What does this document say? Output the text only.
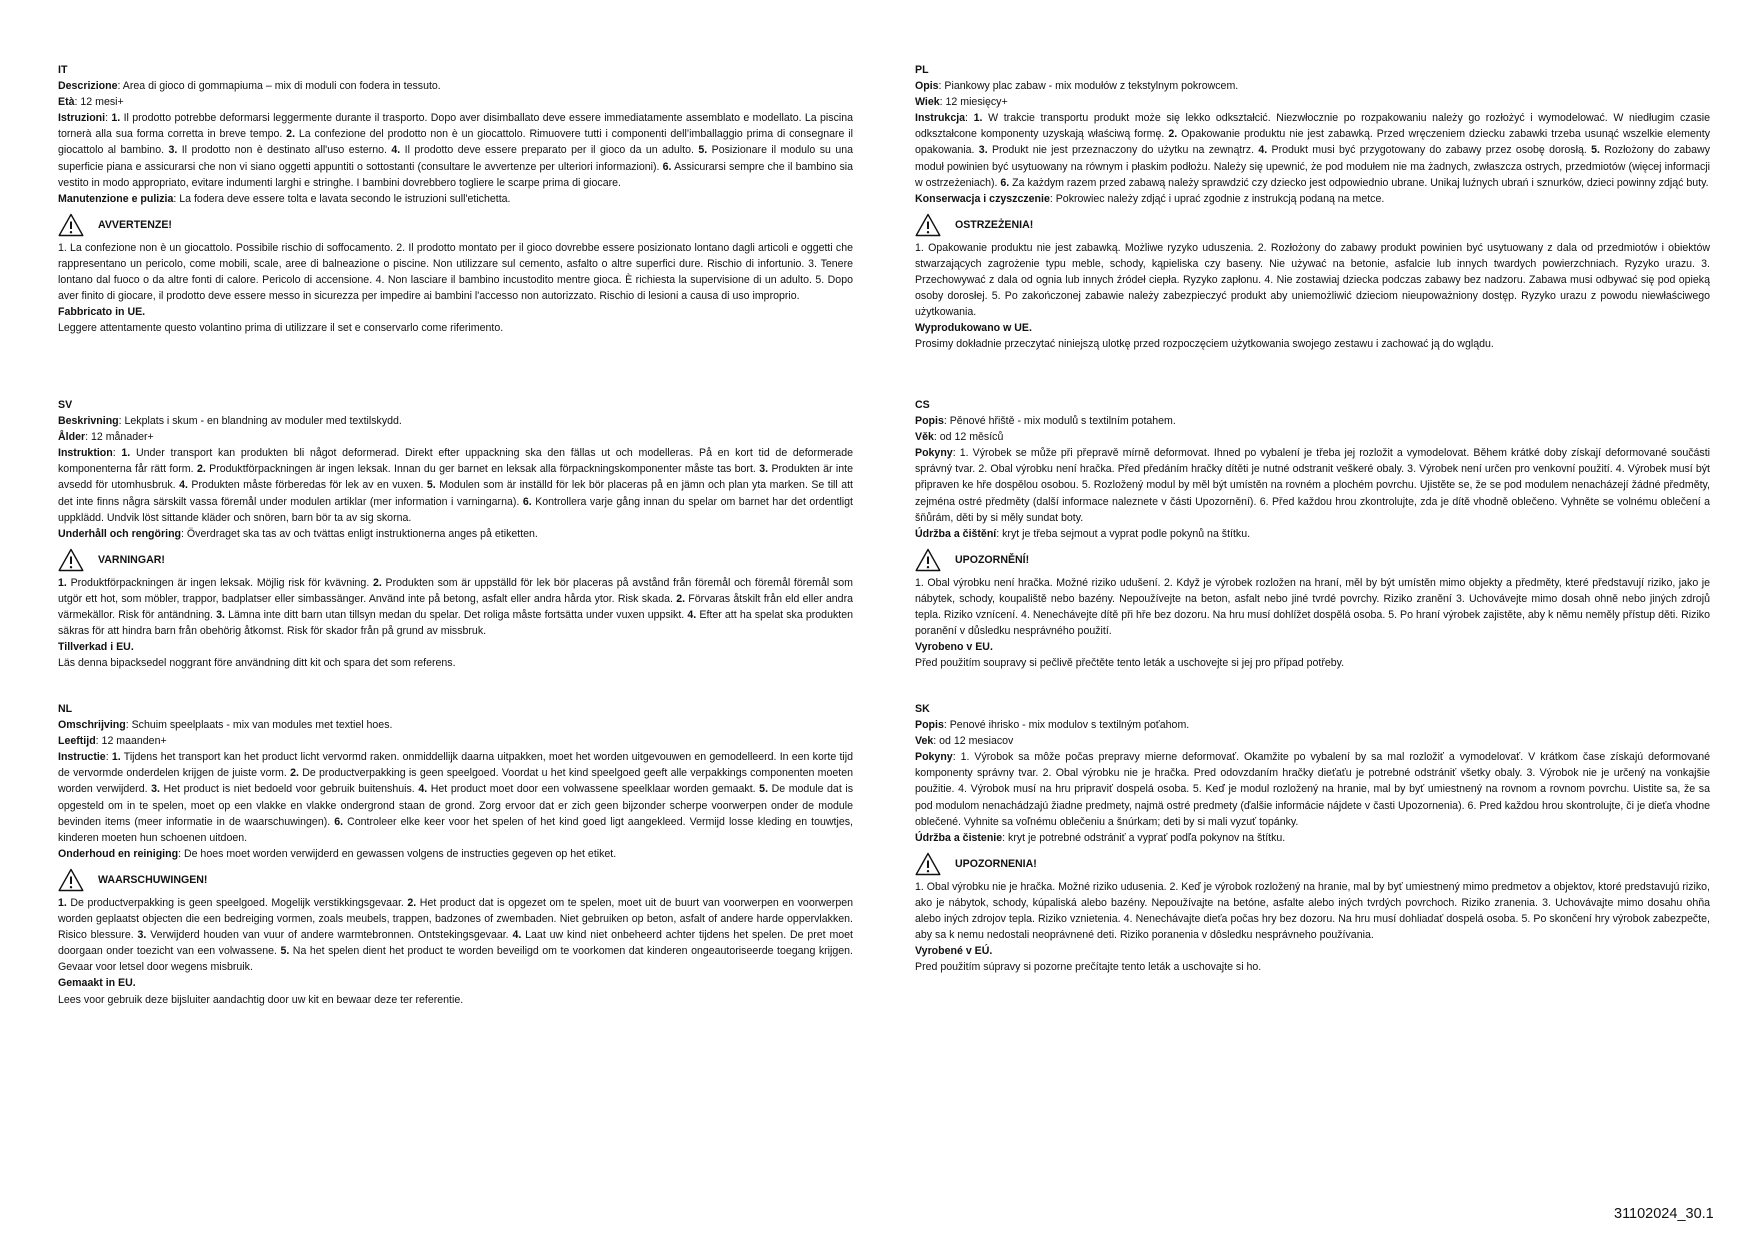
IT

Descrizione: Area di gioco di gommapiuma – mix di moduli con fodera in tessuto.

Età: 12 mesi+

Istruzioni: 1. Il prodotto potrebbe deformarsi leggermente durante il trasporto. Dopo aver disimballato deve essere immediatamente assemblato e modellato. La piscina tornerà alla sua forma corretta in breve tempo. 2. La confezione del prodotto non è un giocattolo. Rimuovere tutti i componenti dell’imballaggio prima di consegnare il giocattolo al bambino. 3. Il prodotto non è destinato all'uso esterno. 4. Il prodotto deve essere preparato per il gioco da un adulto. 5. Posizionare il modulo su una superficie piana e assicurarsi che non vi siano oggetti appuntiti o sottostanti (consultare le avvertenze per ulteriori informazioni). 6. Assicurarsi sempre che il bambino sia vestito in modo appropriato, evitare indumenti larghi e stringhe. I bambini dovrebbero togliere le scarpe prima di giocare.

Manutenzione e pulizia: La fodera deve essere tolta e lavata secondo le istruzioni sull'etichetta.

AVVERTENZE!

1. La confezione non è un giocattolo. Possibile rischio di soffocamento. 2. Il prodotto montato per il gioco dovrebbe essere posizionato lontano dagli articoli e oggetti che rappresentano un pericolo, come mobili, scale, aree di balneazione o piscine. Non utilizzare sul cemento, asfalto o altre superfici dure. Rischio di infortunio. 3. Tenere lontano dal fuoco o da altre fonti di calore. Pericolo di accensione. 4. Non lasciare il bambino incustodito mentre gioca. È richiesta la supervisione di un adulto. 5. Dopo aver finito di giocare, il prodotto deve essere messo in sicurezza per impedire ai bambini l'accesso non autorizzato. Rischio di lesioni a causa di uso improprio.

Fabbricato in UE.

Leggere attentamente questo volantino prima di utilizzare il set e conservarlo come riferimento.

PL

Opis: Piankowy plac zabaw - mix modułów z tekstylnym pokrowcem.

Wiek: 12 miesięcy+

Instrukcja: 1. W trakcie transportu produkt może się lekko odkształcić. Niezwłocznie po rozpakowaniu należy go rozłożyć i wymodelować. W niedługim czasie odkształcone komponenty uzyskają właściwą formę. 2. Opakowanie produktu nie jest zabawką. Przed wręczeniem dziecku zabawki trzeba usunąć wszelkie elementy opakowania. 3. Produkt nie jest przeznaczony do użytku na zewnątrz. 4. Produkt musi być przygotowany do zabawy przez osobę dorosłą. 5. Rozłożony do zabawy moduł powinien być usytuowany na równym i płaskim podłożu. Należy się upewnić, że pod modułem nie ma żadnych, zwłaszcza ostrych, przedmiotów (więcej informacji w ostrzeżeniach). 6. Za każdym razem przed zabawą należy sprawdzić czy dziecko jest odpowiednio ubrane. Unikaj luźnych ubrań i sznurków, dzieci powinny zdjąć buty.

Konserwacja i czyszczenie: Pokrowiec należy zdjąć i uprać zgodnie z instrukcją podaną na metce.

OSTRZEŻENIA!

1. Opakowanie produktu nie jest zabawką. Możliwe ryzyko uduszenia. 2. Rozłożony do zabawy produkt powinien być usytuowany z dala od przedmiotów i obiektów stwarzających zagrożenie typu meble, schody, kąpieliska czy baseny. Nie używać na betonie, asfalcie lub innych twardych powierzchniach. Ryzyko urazu. 3. Przechowywać z dala od ognia lub innych źródeł ciepła. Ryzyko zapłonu. 4. Nie zostawiaj dziecka podczas zabawy bez nadzoru. Zabawa musi odbywać się pod opieką osoby dorosłej. 5. Po zakończonej zabawie należy zabezpieczyć produkt aby uniemożliwić dzieciom nieupoważniony dostęp. Ryzyko urazu z powodu niewłaściwego użytkowania.

Wyprodukowano w UE.

Prosimy dokładnie przeczytać niniejszą ulotkę przed rozpoczęciem użytkowania swojego zestawu i zachować ją do wglądu.

SV

Beskrivning: Lekplats i skum - en blandning av moduler med textilskydd.

Ålder: 12 månader+

Instruktion: 1. Under transport kan produkten bli något deformerad. Direkt efter uppackning ska den fällas ut och modelleras. På en kort tid de deformerade komponenterna får rätt form. 2. Produktförpackningen är ingen leksak. Innan du ger barnet en leksak alla förpackningskomponenter måste tas bort. 3. Produkten är inte avsedd för utomhusbruk. 4. Produkten måste förberedas för lek av en vuxen. 5. Modulen som är inställd för lek bör placeras på en jämn och plan yta marken. Se till att det inte finns några särskilt vassa föremål under modulen artiklar (mer information i varningarna). 6. Kontrollera varje gång innan du spelar om barnet har det ordentligt uppklädd. Undvik löst sittande kläder och snören, barn bör ta av sig skorna.

Underhåll och rengöring: Överdraget ska tas av och tvättas enligt instruktionerna anges på etiketten.

VARNINGAR!

1. Produktförpackningen är ingen leksak. Möjlig risk för kvävning. 2. Produkten som är uppställd för lek bör placeras på avstånd från föremål och föremål föremål som utgör ett hot, som möbler, trappor, badplatser eller simbassänger. Använd inte på betong, asfalt eller andra hårda ytor. Risk skada. 2. Förvaras åtskilt från eld eller andra värmekällor. Risk för antändning. 3. Lämna inte ditt barn utan tillsyn medan du spelar. Det roliga måste fortsätta under vuxen uppsikt. 4. Efter att ha spelat ska produkten säkras för att hindra barn från obehörig åtkomst. Risk för skador från på grund av missbruk.

Tillverkad i EU.

Läs denna bipacksedel noggrant före användning ditt kit och spara det som referens.

CS

Popis: Pěnové hřiště - mix modulů s textilním potahem.

Věk: od 12 měsíců

Pokyny: 1. Výrobek se může při přepravě mírně deformovat. Ihned po vybalení je třeba jej rozložit a vymodelovat. Během krátké doby získají deformované součásti správný tvar. 2. Obal výrobku není hračka. Před předáním hračky dítěti je nutné odstranit veškeré obaly. 3. Výrobek není určen pro venkovní použití. 4. Výrobek musí být připraven ke hře dospělou osobou. 5. Rozložený modul by měl být umístěn na rovném a plochém povrchu. Ujistěte se, že se pod modulem nenacházejí žádné předměty, zejména ostré předměty (další informace naleznete v části Upozornění). 6. Před každou hrou zkontrolujte, zda je dítě vhodně oblečeno. Vyhněte se volnému oblečení a šňůrám, děti by si měly sundat boty.

Údržba a čištění: kryt je třeba sejmout a vyprat podle pokynů na štítku.

UPOZORNĚNÍ!

1. Obal výrobku není hračka. Možné riziko udušení. 2. Když je výrobek rozložen na hraní, měl by být umístěn mimo objekty a předměty, které představují riziko, jako je nábytek, schody, koupaliště nebo bazény. Nepoužívejte na beton, asfalt nebo jiné tvrdé povrchy. Riziko zranění 3. Uchovávejte mimo dosah ohně nebo jiných zdrojů tepla. Riziko vznícení. 4. Nenechávejte dítě při hře bez dozoru. Na hru musí dohlížet dospělá osoba. 5. Po hraní výrobek zajistěte, aby k němu neměly přístup děti. Riziko poranění v důsledku nesprávného použití.

Vyrobeno v EU.

Před použitím soupravy si pečlivě přečtěte tento leták a uschovejte si jej pro případ potřeby.

NL

Omschrijving: Schuim speelplaats - mix van modules met textiel hoes.

Leeftijd: 12 maanden+

Instructie: 1. Tijdens het transport kan het product licht vervormd raken. onmiddellijk daarna uitpakken, moet het worden uitgevouwen en gemodelleerd. In een korte tijd de vervormde onderdelen krijgen de juiste vorm. 2. De productverpakking is geen speelgoed. Voordat u het kind speelgoed geeft alle verpakkings componenten moeten worden verwijderd. 3. Het product is niet bedoeld voor gebruik buitenshuis. 4. Het product moet door een volwassene speelklaar worden gemaakt. 5. De module dat is opgesteld om in te spelen, moet op een vlakke en vlakke ondergrond staan de grond. Zorg ervoor dat er zich geen bijzonder scherpe voorwerpen onder de module bevinden items (meer informatie in de waarschuwingen). 6. Controleer elke keer voor het spelen of het kind goed ligt aangekleed. Vermijd losse kleding en touwtjes, kinderen moeten hun schoenen uitdoen.

Onderhoud en reiniging: De hoes moet worden verwijderd en gewassen volgens de instructies gegeven op het etiket.

WAARSCHUWINGEN!

1. De productverpakking is geen speelgoed. Mogelijk verstikkingsgevaar. 2. Het product dat is opgezet om te spelen, moet uit de buurt van voorwerpen en voorwerpen worden geplaatst objecten die een bedreiging vormen, zoals meubels, trappen, badzones of zwembaden. Niet gebruiken op beton, asfalt of andere harde oppervlakken. Risico blessure. 3. Verwijderd houden van vuur of andere warmtebronnen. Ontstekingsgevaar. 4. Laat uw kind niet onbeheerd achter tijdens het spelen. De pret moet doorgaan onder toezicht van een volwassene. 5. Na het spelen dient het product te worden beveiligd om te voorkomen dat kinderen ongeautoriseerde toegang krijgen. Gevaar voor letsel door wegens misbruik.

Gemaakt in EU.

Lees voor gebruik deze bijsluiter aandachtig door uw kit en bewaar deze ter referentie.

SK

Popis: Penové ihrisko - mix modulov s textilným poťahom.

Vek: od 12 mesiacov

Pokyny: 1. Výrobok sa môže počas prepravy mierne deformovať. Okamžite po vybalení by sa mal rozložiť a vymodelovať. V krátkom čase získajú deformované komponenty správny tvar. 2. Obal výrobku nie je hračka. Pred odovzdaním hračky dieťaťu je potrebné odstrániť všetky obaly. 3. Výrobok nie je určený na vonkajšie použitie. 4. Výrobok musí na hru pripraviť dospelá osoba. 5. Keď je modul rozložený na hranie, mal by byť umiestnený na rovnom a rovnom povrchu. Uistite sa, že sa pod modulom nenachádzajú žiadne predmety, najmä ostré predmety (ďalšie informácie nájdete v časti Upozornenia). 6. Pred každou hrou skontrolujte, či je dieťa vhodne oblečené. Vyhnite sa voľnému oblečeniu a šnúrkam; deti by si mali vyzuť topánky.

Údržba a čistenie: kryt je potrebné odstrániť a vyprať podľa pokynov na štítku.

UPOZORNENIA!

1. Obal výrobku nie je hračka. Možné riziko udusenia. 2. Keď je výrobok rozložený na hranie, mal by byť umiestnený mimo predmetov a objektov, ktoré predstavujú riziko, ako je nábytok, schody, kúpaliská alebo bazény. Nepoužívajte na betóne, asfalte alebo iných tvrdých povrchoch. Riziko zranenia. 3. Uchovávajte mimo dosahu ohňa alebo iných zdrojov tepla. Riziko vznietenia. 4. Nenechávajte dieťa počas hry bez dozoru. Na hru musí dohliadať dospelá osoba. 5. Po skončení hry výrobok zabezpečte, aby sa k nemu nedostali neoprávnené deti. Riziko poranenia v dôsledku nesprávneho používania.

Vyrobené v EÚ.

Pred použitím súpravy si pozorne prečítajte tento leták a uschovajte si ho.

31102024_30.1
